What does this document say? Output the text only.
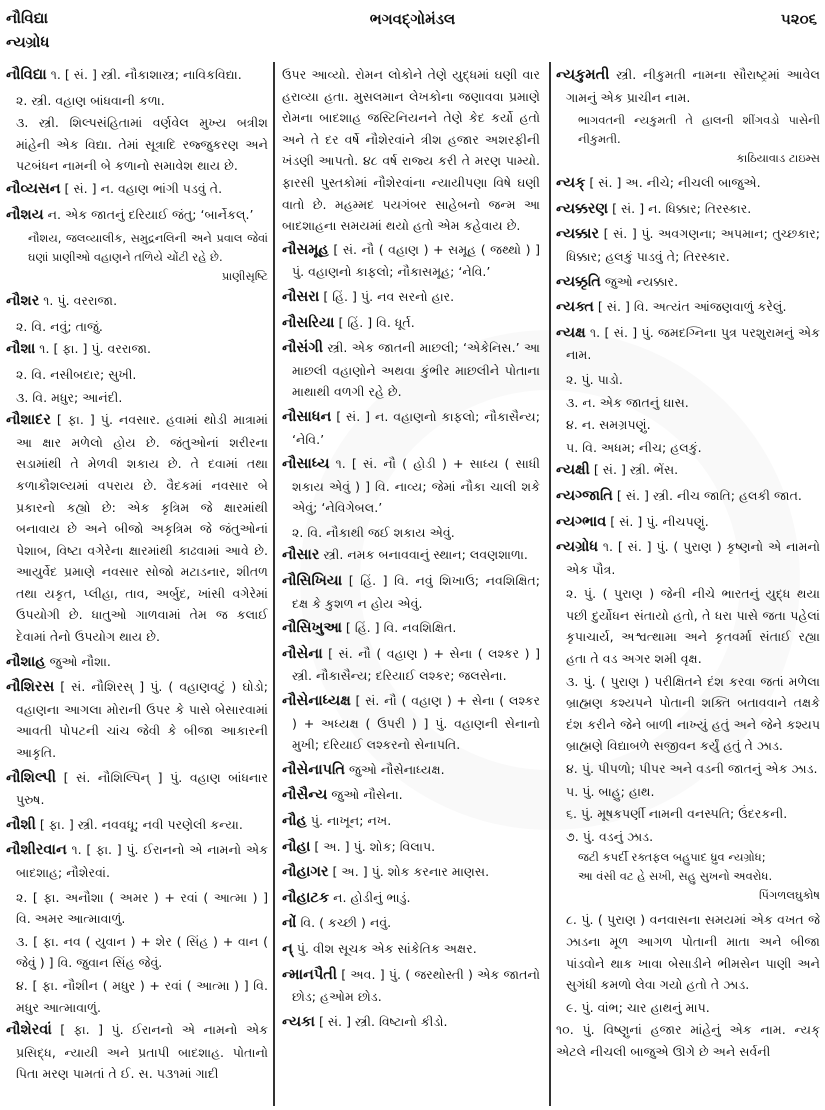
નૌવિદ્યા
ન્યગ્રોધ
ભગવદ્ગોમંડલ	૫૨૦૬

નૌવિદ્યા ૧. [ સં. ] સ્ત્રી. નૌકાશાસ્ત્ર; નાવિકવિદ્યા.

૨. સ્ત્રી. વહાણ બાંધવાની કળા.

૩. સ્ત્રી. શિલ્પસંહિતામાં વર્ણવેલ મુખ્ય બત્રીશ માંહેની એક વિદ્યા. તેમાં સૂત્રાદિ રજ્જુકરણ અને પટબંધન નામની બે કળાનો સમાવેશ થાય છે.

નૌવ્યસન [ સં. ] ન. વહાણ ભાંગી પડવું તે.

નૌશય ન. એક જાતનું દરિયાઈ જંતુ; ‘બાર્નેકલ્.’

નૌશય, જલવ્યાલીક, સમુદ્રનલિની અને પ્રવાલ જેવાં ઘણાં પ્રાણીઓ વહાણને તળિયે ચોંટી રહે છે.
પ્રાણીસૃષ્ટિ

નૌશર ૧. પું. વરરાજા.

૨. વિ. નવું; તાજું.

નૌશા ૧. [ ફા. ] પું. વરરાજા.

૨. વિ. નસીબદાર; સુખી.

૩. વિ. મધુર; આનંદી.

નૌશાદર [ ફા. ] પું. નવસાર. હવામાં થોડી માત્રામાં આ ક્ષાર મળેલો હોય છે. જંતુઓનાં શરીરના સડામાંથી તે મેળવી શકાય છે. તે દવામાં તથા કળાકૌશલ્યમાં વપરાય છે. વૈદકમાં નવસાર બે પ્રકારનો કહ્યો છે: એક કૃત્રિમ જે ક્ષારમાંથી બનાવાય છે અને બીજો અકૃત્રિમ જે જંતુઓનાં પેશાબ, વિષ્ટા વગેરેના ક્ષારમાંથી કાઢવામાં આવે છે. આયુર્વેદ પ્રમાણે નવસાર સોજો મટાડનાર, શીતળ તથા યકૃત, પ્લીહા, તાવ, અર્બુદ, ખાંસી વગેરેમાં ઉપયોગી છે. ધાતુઓ ગાળવામાં તેમ જ કલાઈ દેવામાં તેનો ઉપયોગ થાય છે.

નૌશાહ જુઓ નૌશા.

નૌશિરસ [ સં. નૌશિરસ્ ] પું. ( વહાણવટું ) ઘોડો; વહાણના આગલા મોરાની ઉપર કે પાસે બેસારવામાં આવતી પોપટની ચાંચ જેવી કે બીજા આકારની આકૃતિ.

નૌશિલ્પી [ સં. નૌશિલ્પિન્ ] પું. વહાણ બાંધનાર પુરુષ.

નૌશી [ ફા. ] સ્ત્રી. નવવધૂ; નવી પરણેલી કન્યા.

નૌશીરવાન ૧. [ ફા. ] પું. ઈરાનનો એ નામનો એક બાદશાહ; નૌશેરવાં.

૨. [ ફા. અનૌશા ( અમર ) + રવાં ( આત્મા ) ] વિ. અમર આત્માવાળું.

૩. [ ફા. નવ ( યુવાન ) + શેર ( સિંહ ) + વાન ( જેવું ) ] વિ. જુવાન સિંહ જેવું.

૪. [ ફા. નૌશીન ( મધુર ) + રવાં ( આત્મા ) ] વિ. મધુર આત્માવાળું.

નૌશેરવાં [ ફા. ] પું. ઈરાનનો એ નામનો એક પ્રસિદ્ધ, ન્યાયી અને પ્રતાપી બાદશાહ. પોતાનો પિતા મરણ પામતાં તે ઈ. સ. ૫૩૧માં ગાદી

ઉપર આવ્યો. રોમન લોકોને તેણે યુદ્ધમાં ઘણી વાર હરાવ્યા હતા. મુસલમાન લેખકોના જણાવવા પ્રમાણે રોમના બાદશાહ જસ્ટિનિયનને તેણે કેદ કર્યો હતો અને તે દર વર્ષે નૌશેરવાંને ત્રીશ હજાર અશરફીની ખંડણી આપતો. ૪૮ વર્ષ રાજ્ય કરી તે મરણ પામ્યો. ફારસી પુસ્તકોમાં નૌશેરવાંના ન્યાયીપણા વિષે ઘણી વાતો છે. મહમ્મદ પયગંબર સાહેબનો જન્મ આ બાદશાહના સમયમાં થયો હતો એમ કહેવાય છે.

નૌસમૂહ [ સં. નૌ ( વહાણ ) + સમૂહ ( જથ્થો ) ] પું. વહાણનો કાફલો; નૌકાસમૂહ; ‘નેવિ.’

નૌસરા [ હિં. ] પું. નવ સરનો હાર.

નૌસરિયા [ હિં. ] વિ. ધૂર્ત.

નૌસંગી સ્ત્રી. એક જાતની માછલી; ‘એકેનિસ.’ આ માછલી વહાણોને અથવા કુંભીર માછલીને પોતાના માથાથી વળગી રહે છે.

નૌસાધન [ સં. ] ન. વહાણનો કાફલો; નૌકાસૈન્ય; ‘નેવિ.’

નૌસાધ્ય ૧. [ સં. નૌ ( હોડી ) + સાધ્ય ( સાધી શકાય એવું ) ] વિ. નાવ્ય; જેમાં નૌકા ચાલી શકે એવું; ‘નેવિગેબલ.’

૨. વિ. નૌકાથી જઈ શકાય એવું.

નૌસાર સ્ત્રી. નમક બનાવવાનું સ્થાન; લવણશાળા.

નૌસિખિયા [ હિં. ] વિ. નવું શિખાઉ; નવશિક્ષિત; દક્ષ કે કુશળ ન હોય એવું.

નૌસિખુઆ [ હિં. ] વિ. નવશિક્ષિત.

નૌસેના [ સં. નૌ ( વહાણ ) + સેના ( લશ્કર ) ] સ્ત્રી. નૌકાસૈન્ય; દરિયાઈ લશ્કર; જલસેના.

નૌસેનાધ્યક્ષ [ સં. નૌ ( વહાણ ) + સેના ( લશ્કર ) + અધ્યક્ષ ( ઉપરી ) ] પું. વહાણની સેનાનો મુખી; દરિયાઈ લશ્કરનો સેનાપતિ.

નૌસેનાપતિ જુઓ નૌસેનાધ્યક્ષ.

નૌસૈન્ય જુઓ નૌસેના.

નૌહ પું. નાખૂન; નખ.

નૌહા [ અ. ] પું. શોક; વિલાપ.

નૌહાગર [ અ. ] પું. શોક કરનાર માણસ.

નૌહાટક ન. હોડીનું ભાડું.

નોં વિ. ( કચ્છી ) નવું.

ન્ પું. વીશ સૂચક એક સાંકેતિક અક્ષર.

ન્માનપૈતી [ અવ. ] પું. ( જરથોસ્તી ) એક જાતનો છોડ; હઓમ છોડ.

ન્યકા [ સં. ] સ્ત્રી. વિષ્ટાનો કીડો.

ન્યકુમતી સ્ત્રી. નીકુમતી નામના સૌરાષ્ટ્રમાં આવેલ ગામનું એક પ્રાચીન નામ.

ભાગવતની ન્યકુમતી તે હાલની શીંગવડો પાસેની નીકુમતી.
કાઠિયાવાડ ટાઇમ્સ

ન્યક્ [ સં. ] અ. નીચે; નીચલી બાજુએ.

ન્યક્કરણ [ સં. ] ન. ધિક્કાર; તિરસ્કાર.

ન્યક્કાર [ સં. ] પું. અવગણના; અપમાન; તુચ્છકાર; ધિક્કાર; હલકું પાડવું તે; તિરસ્કાર.

ન્યક્કૃતિ જુઓ ન્યક્કાર.

ન્યક્ત [ સં. ] વિ. અત્યંત આંજણવાળું કરેલું.

ન્યક્ષ ૧. [ સં. ] પું. જમદગ્નિના પુત્ર પરશુરામનું એક નામ.

૨. પું. પાડો.

૩. ન. એક જાતનું ઘાસ.

૪. ન. સમગ્રપણું.

૫. વિ. અધમ; નીચ; હલકું.

ન્યક્ષી [ સં. ] સ્ત્રી. ભેંસ.

ન્યગ્જાતિ [ સં. ] સ્ત્રી. નીચ જાતિ; હલકી જાત.

ન્યગ્ભાવ [ સં. ] પું. નીચપણું.

ન્યગ્રોધ ૧. [ સં. ] પું. ( પુરાણ ) કૃષ્ણનો એ નામનો એક પૌત્ર.

૨. પું. ( પુરાણ ) જેની નીચે ભારતનું યુદ્ધ થયા પછી દુર્યોધન સંતાયો હતો, તે ધરા પાસે જતા પહેલાં કૃપાચાર્ય, અશ્વત્થામા અને કૃતવર્મા સંતાઈ રહ્યા હતા તે વડ અગર શમી વૃક્ષ.

૩. પું. ( પુરાણ ) પરીક્ષિતને દંશ કરવા જતાં મળેલા બ્રાહ્મણ કશ્યપને પોતાની શક્તિ બતાવવાને તક્ષકે દંશ કરીને જેને બાળી નાખ્યું હતું અને જેને કશ્યપ બ્રાહ્મણે વિદ્યાબળે સજીવન કર્યું હતું તે ઝાડ.

૪. પું. પીપળો; પીપર અને વડની જાતનું એક ઝાડ.

૫. પું. બાહુ; હાથ.

૬. પું. મૂષકપર્ણી નામની વનસ્પતિ; ઉંદરકની.

૭. પું. વડનું ઝાડ.

જટી કપર્દી રક્તફલ બહુપાદ ધ્રુવ ન્યગ્રોધ;
આ વંસી વટ હે સખી, સહુ સુખનો અવરોધ.
પિંગળલઘુકોષ

૮. પું. ( પુરાણ ) વનવાસના સમયમાં એક વખત જે ઝાડના મૂળ આગળ પોતાની માતા અને બીજા પાંડવોને થાક ખાવા બેસાડીને ભીમસેન પાણી અને સુગંધી કમળો લેવા ગયો હતો તે ઝાડ.

૯. પું. વાંભ; ચાર હાથનું માપ.

૧૦. પું. વિષ્ણુનાં હજાર માંહેનું એક નામ. ન્યક્ એટલે નીચલી બાજુએ ઊગે છે અને સર્વની
